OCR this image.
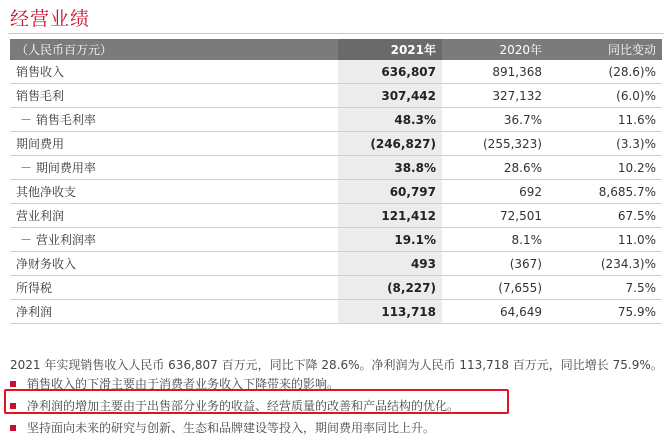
经营业绩
（人民币百万元）	2021年	2020年	同比变动
销售收入	636,807	891,368	(28.6)%
销售毛利	307,442	327,132	(6.0)%
－ 销售毛利率	48.3%	36.7%	11.6%
期间费用	(246,827)	(255,323)	(3.3)%
－ 期间费用率	38.8%	28.6%	10.2%
其他净收支	60,797	692	8,685.7%
营业利润	121,412	72,501	67.5%
－ 营业利润率	19.1%	8.1%	11.0%
净财务收入	493	(367)	(234.3)%
所得税	(8,227)	(7,655)	7.5%
净利润	113,718	64,649	75.9%
2021 年实现销售收入人民币 636,807 百万元，同比下降 28.6%。净利润为人民币 113,718 百万元，同比增长 75.9%。
销售收入的下滑主要由于消费者业务收入下降带来的影响。
净利润的增加主要由于出售部分业务的收益、经营质量的改善和产品结构的优化。
坚持面向未来的研究与创新、生态和品牌建设等投入，期间费用率同比上升。
